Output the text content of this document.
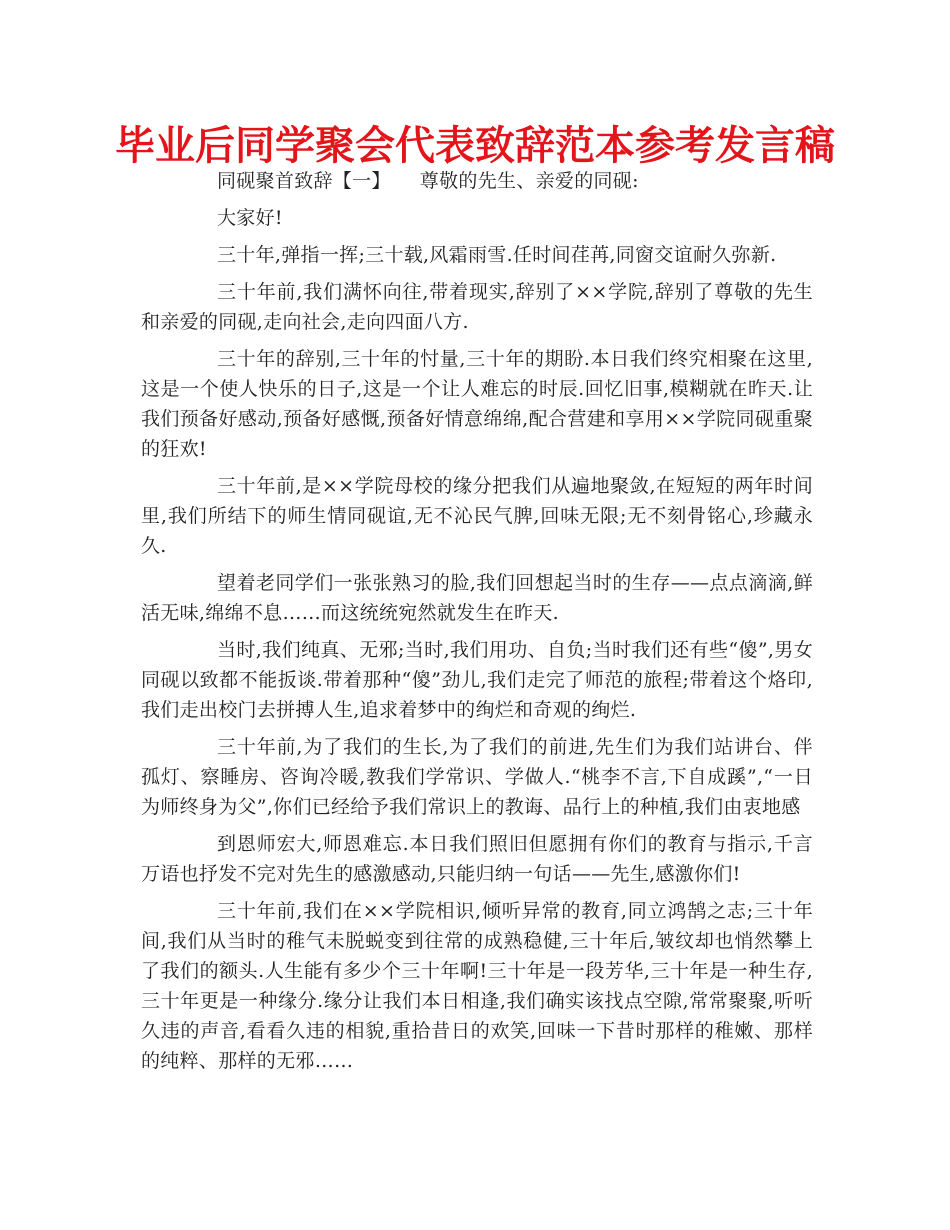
毕业后同学聚会代表致辞范本参考发言稿

同砚聚首致辞【一】　　尊敬的先生、亲爱的同砚:

大家好!

三十年,弹指一挥;三十载,风霜雨雪.任时间荏苒,同窗交谊耐久弥新.

三十年前,我们满怀向往,带着现实,辞别了××学院,辞别了尊敬的先生和亲爱的同砚,走向社会,走向四面八方.

三十年的辞别,三十年的忖量,三十年的期盼.本日我们终究相聚在这里,这是一个使人快乐的日子,这是一个让人难忘的时辰.回忆旧事,模糊就在昨天.让我们预备好感动,预备好感慨,预备好情意绵绵,配合营建和享用××学院同砚重聚的狂欢!

三十年前,是××学院母校的缘分把我们从遍地聚敛,在短短的两年时间里,我们所结下的师生情同砚谊,无不沁民气脾,回味无限;无不刻骨铭心,珍藏永久.

望着老同学们一张张熟习的脸,我们回想起当时的生存——点点滴滴,鲜活无味,绵绵不息……而这统统宛然就发生在昨天.

当时,我们纯真、无邪;当时,我们用功、自负;当时我们还有些“傻”,男女同砚以致都不能扳谈.带着那种“傻”劲儿,我们走完了师范的旅程;带着这个烙印,我们走出校门去拼搏人生,追求着梦中的绚烂和奇观的绚烂.

三十年前,为了我们的生长,为了我们的前进,先生们为我们站讲台、伴孤灯、察睡房、咨询冷暖,教我们学常识、学做人.“桃李不言,下自成蹊”,“一日为师终身为父”,你们已经给予我们常识上的教诲、品行上的种植,我们由衷地感

到恩师宏大,师恩难忘.本日我们照旧但愿拥有你们的教育与指示,千言万语也抒发不完对先生的感激感动,只能归纳一句话——先生,感激你们!

三十年前,我们在××学院相识,倾听异常的教育,同立鸿鹄之志;三十年间,我们从当时的稚气未脱蜕变到往常的成熟稳健,三十年后,皱纹却也悄然攀上了我们的额头.人生能有多少个三十年啊!三十年是一段芳华,三十年是一种生存,三十年更是一种缘分.缘分让我们本日相逢,我们确实该找点空隙,常常聚聚,听听久违的声音,看看久违的相貌,重拾昔日的欢笑,回味一下昔时那样的稚嫩、那样的纯粹、那样的无邪……
